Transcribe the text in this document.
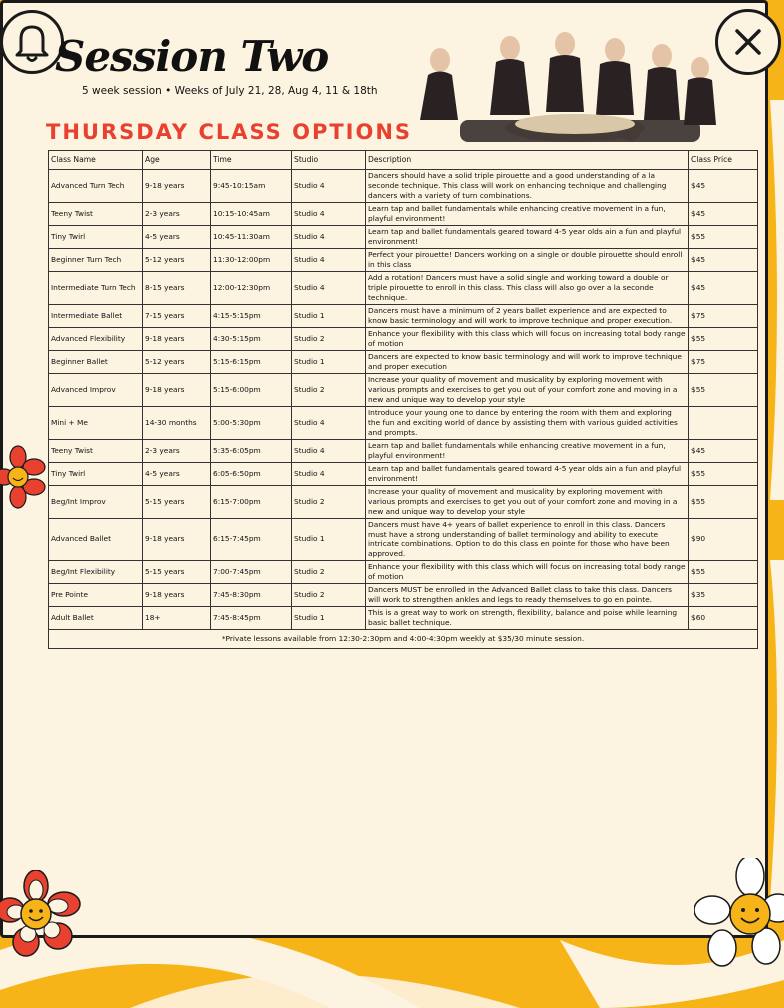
Session Two
5 week session • Weeks of July 21, 28, Aug 4, 11 & 18th
THURSDAY CLASS OPTIONS
Class Name	Age	Time	Studio	Description	Class Price
Advanced Turn Tech	9-18 years	9:45-10:15am	Studio 4	Dancers should have a solid triple pirouette and a good understanding of a la seconde technique. This class will work on enhancing technique and challenging dancers with a variety of turn combinations.	$45
Teeny Twist	2-3 years	10:15-10:45am	Studio 4	Learn tap and ballet fundamentals while enhancing creative movement in a fun, playful environment!	$45
Tiny Twirl	4-5 years	10:45-11:30am	Studio 4	Learn tap and ballet fundamentals geared toward 4-5 year olds ain a fun and playful environment!	$55
Beginner Turn Tech	5-12 years	11:30-12:00pm	Studio 4	Perfect your pirouette! Dancers working on a single or double pirouette should enroll in this class	$45
Intermediate Turn Tech	8-15 years	12:00-12:30pm	Studio 4	Add a rotation! Dancers must have a solid single and working toward a double or triple pirouette to enroll in this class. This class will also go over a la seconde technique.	$45
Intermediate Ballet	7-15 years	4:15-5:15pm	Studio 1	Dancers must have a minimum of 2 years ballet experience and are expected to know basic terminology and will work to improve technique and proper execution.	$75
Advanced Flexibility	9-18 years	4:30-5:15pm	Studio 2	Enhance your flexibility with this class which will focus on increasing total body range of motion	$55
Beginner Ballet	5-12 years	5:15-6:15pm	Studio 1	Dancers are expected to know basic terminology and will work to improve technique and proper execution	$75
Advanced Improv	9-18 years	5:15-6:00pm	Studio 2	Increase your quality of movement and musicality by exploring movement with various prompts and exercises to get you out of your comfort zone and moving in a new and unique way to develop your style	$55
Mini + Me	14-30 months	5:00-5:30pm	Studio 4	Introduce your young one to dance by entering the room with them and exploring the fun and exciting world of dance by assisting them with various guided activities and prompts.	
Teeny Twist	2-3 years	5:35-6:05pm	Studio 4	Learn tap and ballet fundamentals while enhancing creative movement in a fun, playful environment!	$45
Tiny Twirl	4-5 years	6:05-6:50pm	Studio 4	Learn tap and ballet fundamentals geared toward 4-5 year olds ain a fun and playful environment!	$55
Beg/Int Improv	5-15 years	6:15-7:00pm	Studio 2	Increase your quality of movement and musicality by exploring movement with various prompts and exercises to get you out of your comfort zone and moving in a new and unique way to develop your style	$55
Advanced Ballet	9-18 years	6:15-7:45pm	Studio 1	Dancers must have 4+ years of ballet experience to enroll in this class. Dancers must have a strong understanding of ballet terminology and ability to execute intricate combinations. Option to do this class en pointe for those who have been approved.	$90
Beg/Int Flexibility	5-15 years	7:00-7:45pm	Studio 2	Enhance your flexibility with this class which will focus on increasing total body range of motion	$55
Pre Pointe	9-18 years	7:45-8:30pm	Studio 2	Dancers MUST be enrolled in the Advanced Ballet class to take this class. Dancers will work to strengthen ankles and legs to ready themselves to go en pointe.	$35
Adult Ballet	18+	7:45-8:45pm	Studio 1	This is a great way to work on strength, flexibility, balance and poise while learning basic ballet technique.	$60
*Private lessons available from 12:30-2:30pm and 4:00-4:30pm weekly at $35/30 minute session.					
